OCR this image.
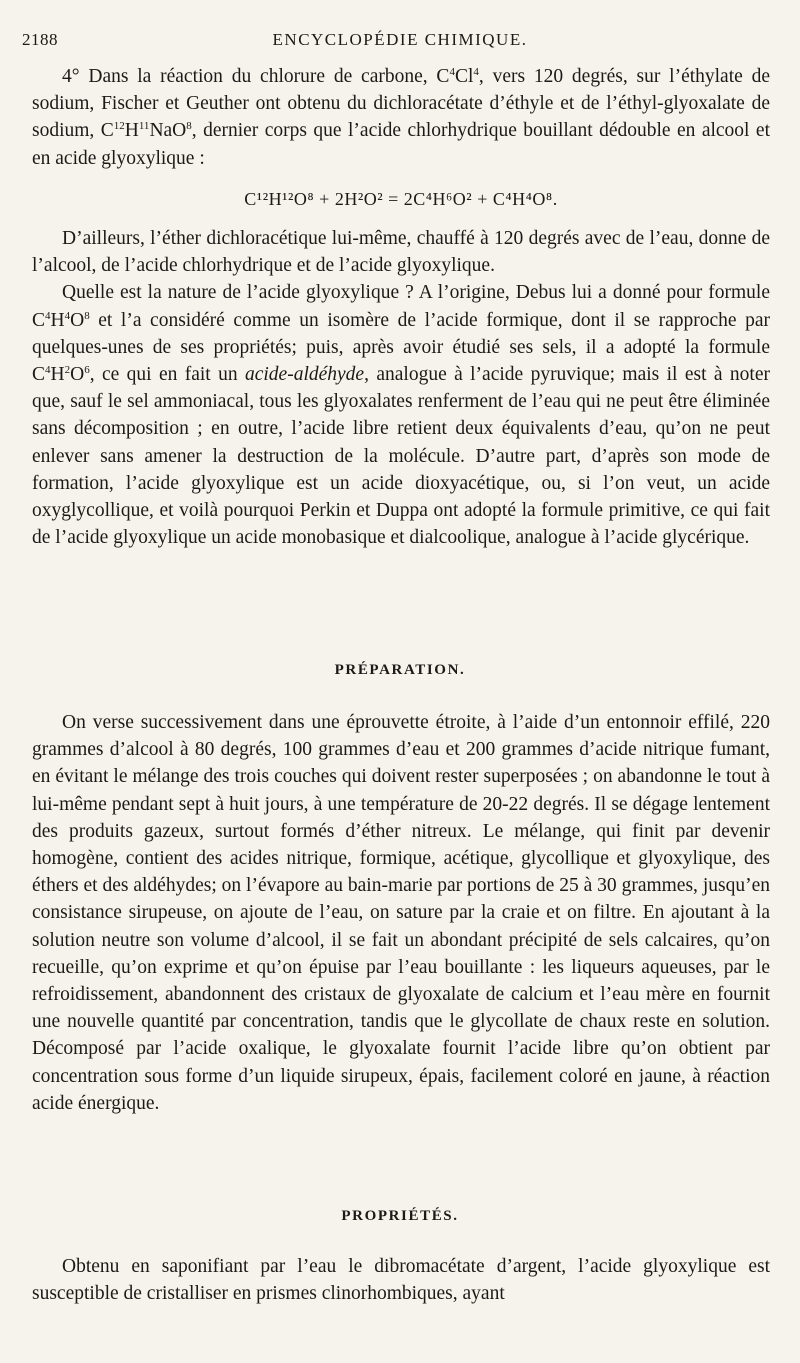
2188	ENCYCLOPÉDIE CHIMIQUE.

4° Dans la réaction du chlorure de carbone, $C^4Cl^4$, vers 120 degrés, sur l’éthylate de sodium, Fischer et Geuther ont obtenu du dichloracétate d’éthyle et de l’éthyl-glyoxalate de sodium, $C^{12}H^{11}NaO^8$, dernier corps que l’acide chlorhydrique bouillant dédouble en alcool et en acide glyoxylique :

C¹²H¹²O⁸ + 2H²O² = 2C⁴H⁶O² + C⁴H⁴O⁸.

D’ailleurs, l’éther dichloracétique lui-même, chauffé à 120 degrés avec de l’eau, donne de l’alcool, de l’acide chlorhydrique et de l’acide glyoxylique.

Quelle est la nature de l’acide glyoxylique ? A l’origine, Debus lui a donné pour formule $C^4H^4O^8$ et l’a considéré comme un isomère de l’acide formique, dont il se rapproche par quelques-unes de ses propriétés; puis, après avoir étudié ses sels, il a adopté la formule $C^4H^2O^6$, ce qui en fait un acide-aldéhyde, analogue à l’acide pyruvique; mais il est à noter que, sauf le sel ammoniacal, tous les glyoxalates renferment de l’eau qui ne peut être éliminée sans décomposition ; en outre, l’acide libre retient deux équivalents d’eau, qu’on ne peut enlever sans amener la destruction de la molécule. D’autre part, d’après son mode de formation, l’acide glyoxylique est un acide dioxyacétique, ou, si l’on veut, un acide oxyglycollique, et voilà pourquoi Perkin et Duppa ont adopté la formule primitive, ce qui fait de l’acide glyoxylique un acide monobasique et dialcoolique, analogue à l’acide glycérique.

PRÉPARATION.

On verse successivement dans une éprouvette étroite, à l’aide d’un entonnoir effilé, 220 grammes d’alcool à 80 degrés, 100 grammes d’eau et 200 grammes d’acide nitrique fumant, en évitant le mélange des trois couches qui doivent rester superposées ; on abandonne le tout à lui-même pendant sept à huit jours, à une température de 20-22 degrés. Il se dégage lentement des produits gazeux, surtout formés d’éther nitreux. Le mélange, qui finit par devenir homogène, contient des acides nitrique, formique, acétique, glycollique et glyoxylique, des éthers et des aldéhydes; on l’évapore au bain-marie par portions de 25 à 30 grammes, jusqu’en consistance sirupeuse, on ajoute de l’eau, on sature par la craie et on filtre. En ajoutant à la solution neutre son volume d’alcool, il se fait un abondant précipité de sels calcaires, qu’on recueille, qu’on exprime et qu’on épuise par l’eau bouillante : les liqueurs aqueuses, par le refroidissement, abandonnent des cristaux de glyoxalate de calcium et l’eau mère en fournit une nouvelle quantité par concentration, tandis que le glycollate de chaux reste en solution. Décomposé par l’acide oxalique, le glyoxalate fournit l’acide libre qu’on obtient par concentration sous forme d’un liquide sirupeux, épais, facilement coloré en jaune, à réaction acide énergique.

PROPRIÉTÉS.

Obtenu en saponifiant par l’eau le dibromacétate d’argent, l’acide glyoxylique est susceptible de cristalliser en prismes clinorhombiques, ayant
